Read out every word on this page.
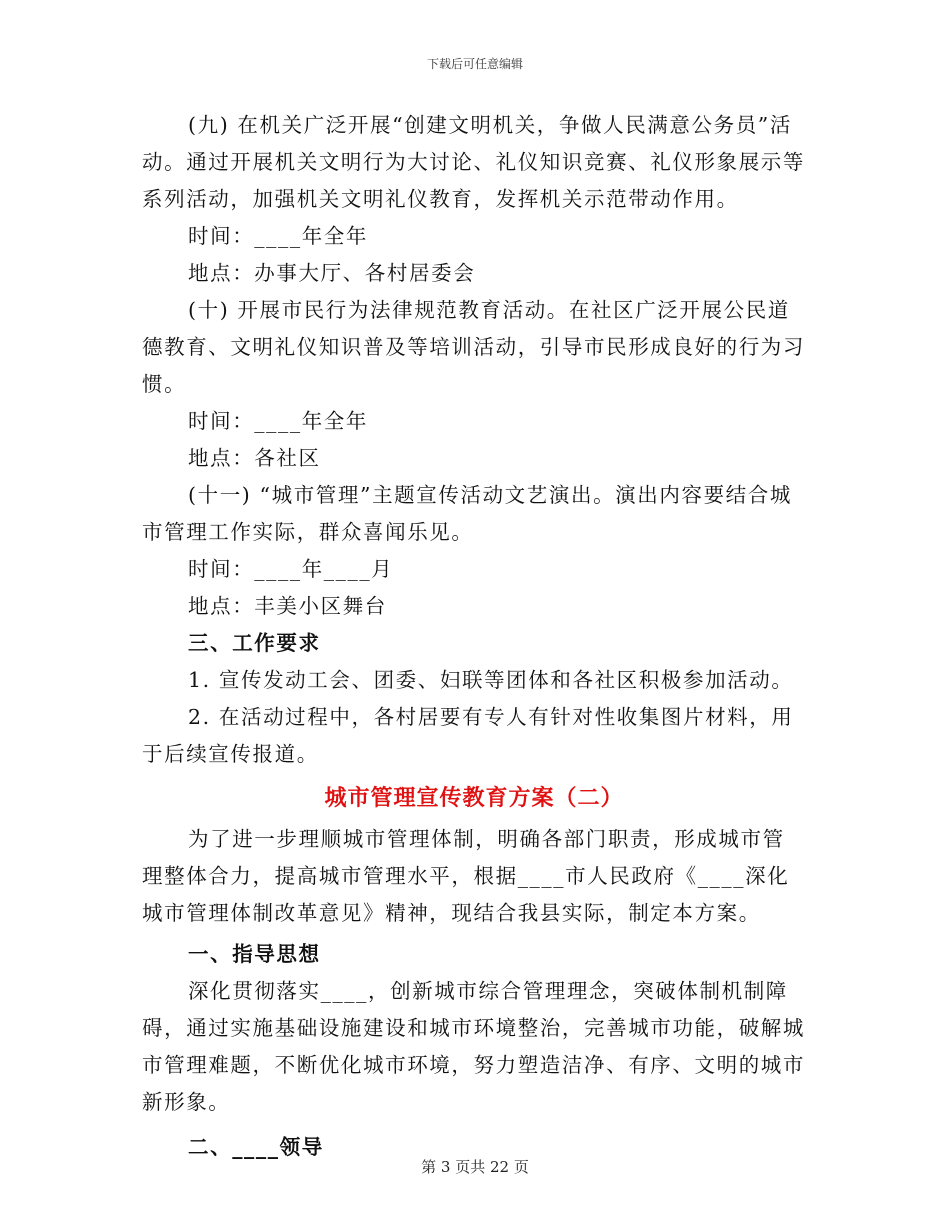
下载后可任意编辑

(九) 在机关广泛开展“创建文明机关，争做人民满意公务员”活动。通过开展机关文明行为大讨论、礼仪知识竞赛、礼仪形象展示等系列活动，加强机关文明礼仪教育，发挥机关示范带动作用。

时间：____年全年

地点：办事大厅、各村居委会

(十) 开展市民行为法律规范教育活动。在社区广泛开展公民道德教育、文明礼仪知识普及等培训活动，引导市民形成良好的行为习惯。

时间：____年全年

地点：各社区

(十一) “城市管理”主题宣传活动文艺演出。演出内容要结合城市管理工作实际，群众喜闻乐见。

时间：____年____月

地点：丰美小区舞台

三、工作要求

1. 宣传发动工会、团委、妇联等团体和各社区积极参加活动。

2. 在活动过程中，各村居要有专人有针对性收集图片材料，用于后续宣传报道。

城市管理宣传教育方案（二）

为了进一步理顺城市管理体制，明确各部门职责，形成城市管理整体合力，提高城市管理水平，根据____市人民政府《____深化城市管理体制改革意见》精神，现结合我县实际，制定本方案。

一、指导思想

深化贯彻落实____，创新城市综合管理理念，突破体制机制障碍，通过实施基础设施建设和城市环境整治，完善城市功能，破解城市管理难题，不断优化城市环境，努力塑造洁净、有序、文明的城市新形象。

二、____领导

第 3 页共 22 页
